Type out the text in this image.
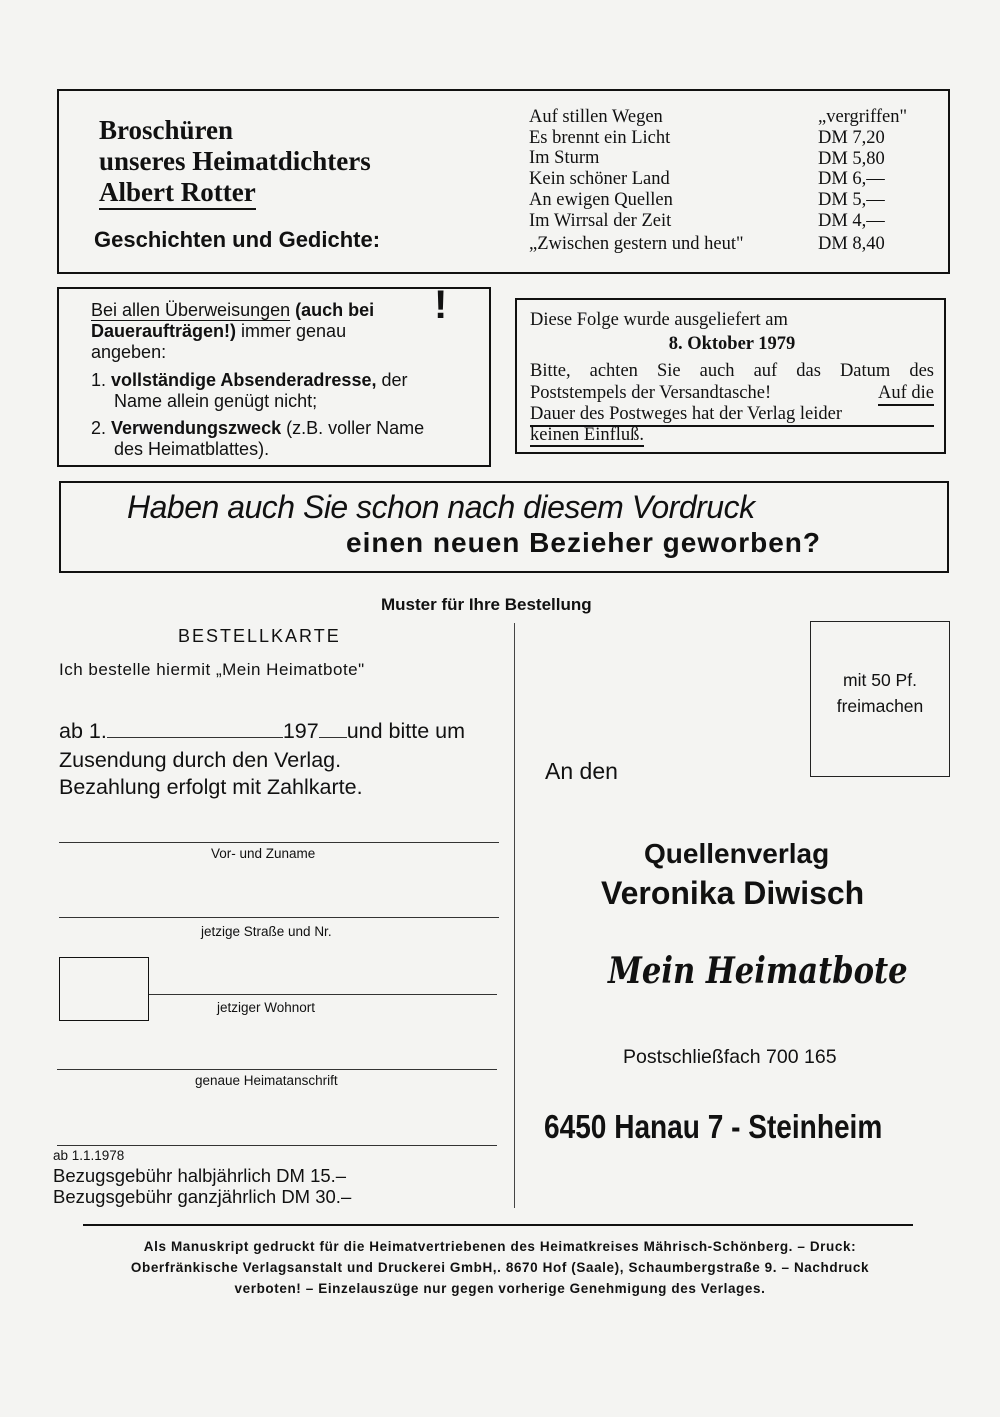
Broschüren
unseres Heimatdichters
Albert Rotter
Geschichten und Gedichte:
Auf stillen Wegen	„vergriffen"
Es brennt ein Licht	DM 7,20
Im Sturm	DM 5,80
Kein schöner Land	DM 6,—
An ewigen Quellen	DM 5,—
Im Wirrsal der Zeit	DM 4,—
„Zwischen gestern und heut"	DM 8,40
Bei allen Überweisungen (auch bei
Daueraufträgen!) immer genau
angeben:
!
1. vollständige Absenderadresse, der
Name allein genügt nicht;
2. Verwendungszweck (z.B. voller Name
des Heimatblattes).
Diese Folge wurde ausgeliefert am
8. Oktober 1979
Bitte, achten Sie auch auf das Datum des
Poststempels der Versandtasche!	Auf die
Dauer des Postweges hat der Verlag leider
keinen Einfluß.
Haben auch Sie schon nach diesem Vordruck
einen neuen Bezieher geworben?
Muster für Ihre Bestellung
BESTELLKARTE
Ich bestelle hiermit „Mein Heimatbote"
ab 1.	197 und bitte um
Zusendung durch den Verlag.
Bezahlung erfolgt mit Zahlkarte.
Vor- und Zuname
jetzige Straße und Nr.
jetziger Wohnort
genaue Heimatanschrift
ab 1.1.1978
Bezugsgebühr halbjährlich DM 15.–
Bezugsgebühr ganzjährlich DM 30.–
mit 50 Pf.
freimachen
An den
Quellenverlag
Veronika Diwisch
Mein Heimatbote
Postschließfach 700 165
6450 Hanau 7 - Steinheim
Als Manuskript gedruckt für die Heimatvertriebenen des Heimatkreises Mährisch-Schönberg. – Druck:
Oberfränkische Verlagsanstalt und Druckerei GmbH,. 8670 Hof (Saale), Schaumbergstraße 9. – Nachdruck
verboten! – Einzelauszüge nur gegen vorherige Genehmigung des Verlages.
